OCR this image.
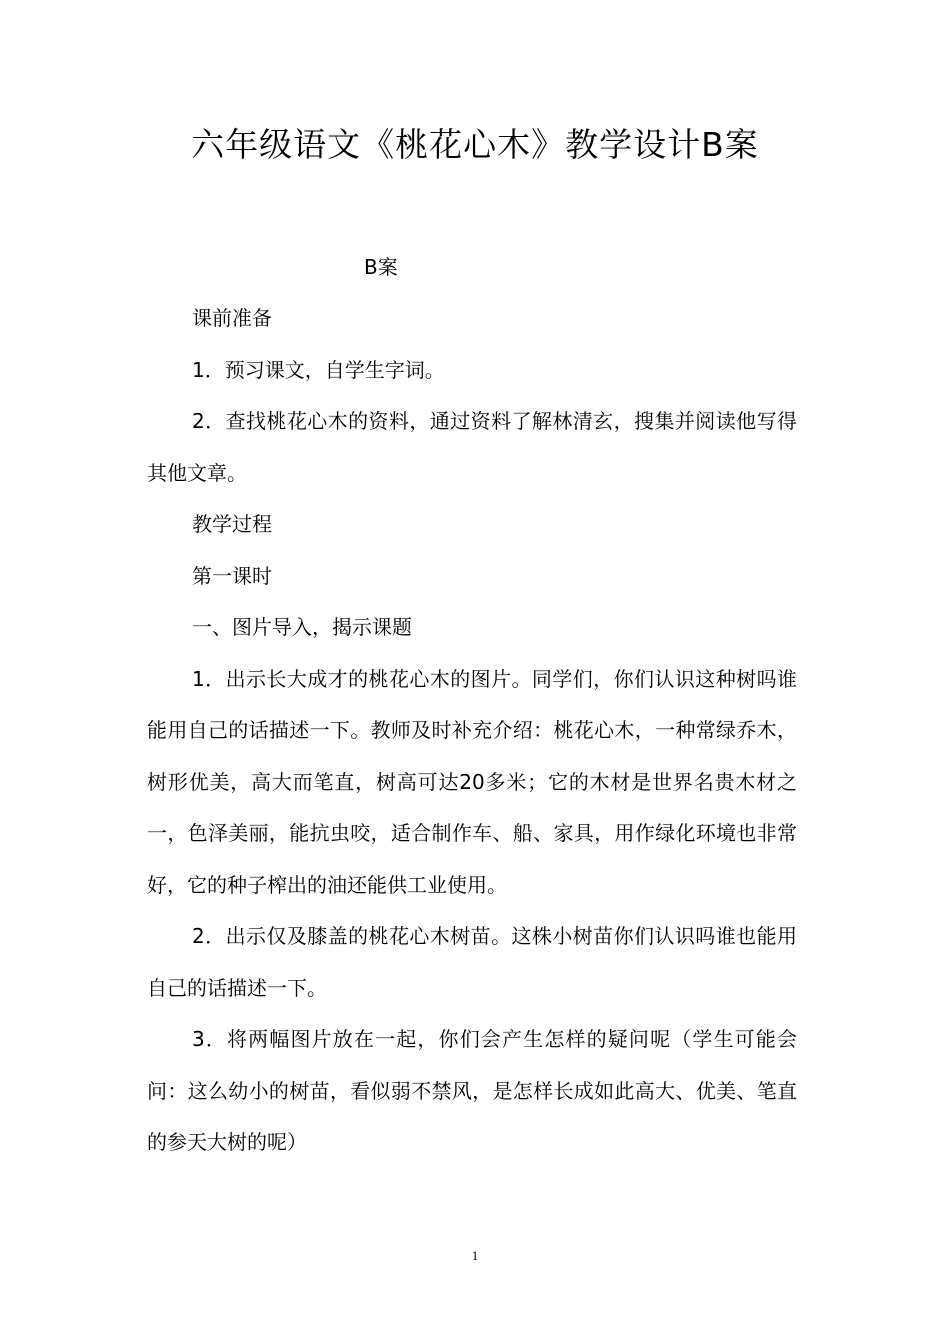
六年级语文《桃花心木》教学设计B案
B案

课前准备

1．预习课文，自学生字词。

2．查找桃花心木的资料，通过资料了解林清玄，搜集并阅读他写得其他文章。

教学过程

第一课时

一、图片导入，揭示课题

1．出示长大成才的桃花心木的图片。同学们，你们认识这种树吗谁能用自己的话描述一下。教师及时补充介绍：桃花心木，一种常绿乔木，树形优美，高大而笔直，树高可达20多米；它的木材是世界名贵木材之一，色泽美丽，能抗虫咬，适合制作车、船、家具，用作绿化环境也非常好，它的种子榨出的油还能供工业使用。

2．出示仅及膝盖的桃花心木树苗。这株小树苗你们认识吗谁也能用自己的话描述一下。

3．将两幅图片放在一起，你们会产生怎样的疑问呢（学生可能会问：这么幼小的树苗，看似弱不禁风，是怎样长成如此高大、优美、笔直的参天大树的呢）

1
